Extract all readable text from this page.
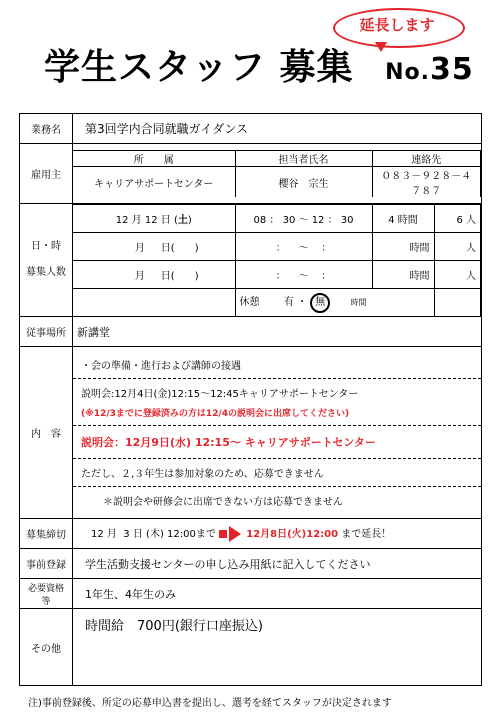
延長します
学生スタッフ 募集 No.35
業務名	第3回学内合同就職ガイダンス
雇用主	
所　　属	担当者氏名	連絡先
キャリアサポートセンター	櫻谷　宗生	０８３－９２８－４７８７

日・時
募集人数

12 月 12 日 (土)	08 ： 30 ～ 12 ： 30	4 時間	6 人
月 日(　　)	： ～ ：	時間	人
月 日(　　)	： ～ ：	時間	人
	休憩 有 ・ 無	時間	

従事場所	新講堂
内　容	
・会の準備・進行および講師の接遇
説明会:12月4日(金)12:15～12:45キャリアサポートセンター
(※12/3までに登録済みの方は12/4の説明会に出席してください)
説明会：12月9日(水) 12:15～ キャリアサポートセンター
ただし、２,３年生は参加対象のため、応募できません
＊説明会や研修会に出席できない方は応募できません

募集締切	12 月 3 日 (木) 12:00まで	12月8日(火)12:00 まで延長！
事前登録	学生活動支援センターの申し込み用紙に記入してください
必要資格等	1年生、4年生のみ
その他	時間給　700円(銀行口座振込)
注)事前登録後、所定の応募申込書を提出し、選考を経てスタッフが決定されます
